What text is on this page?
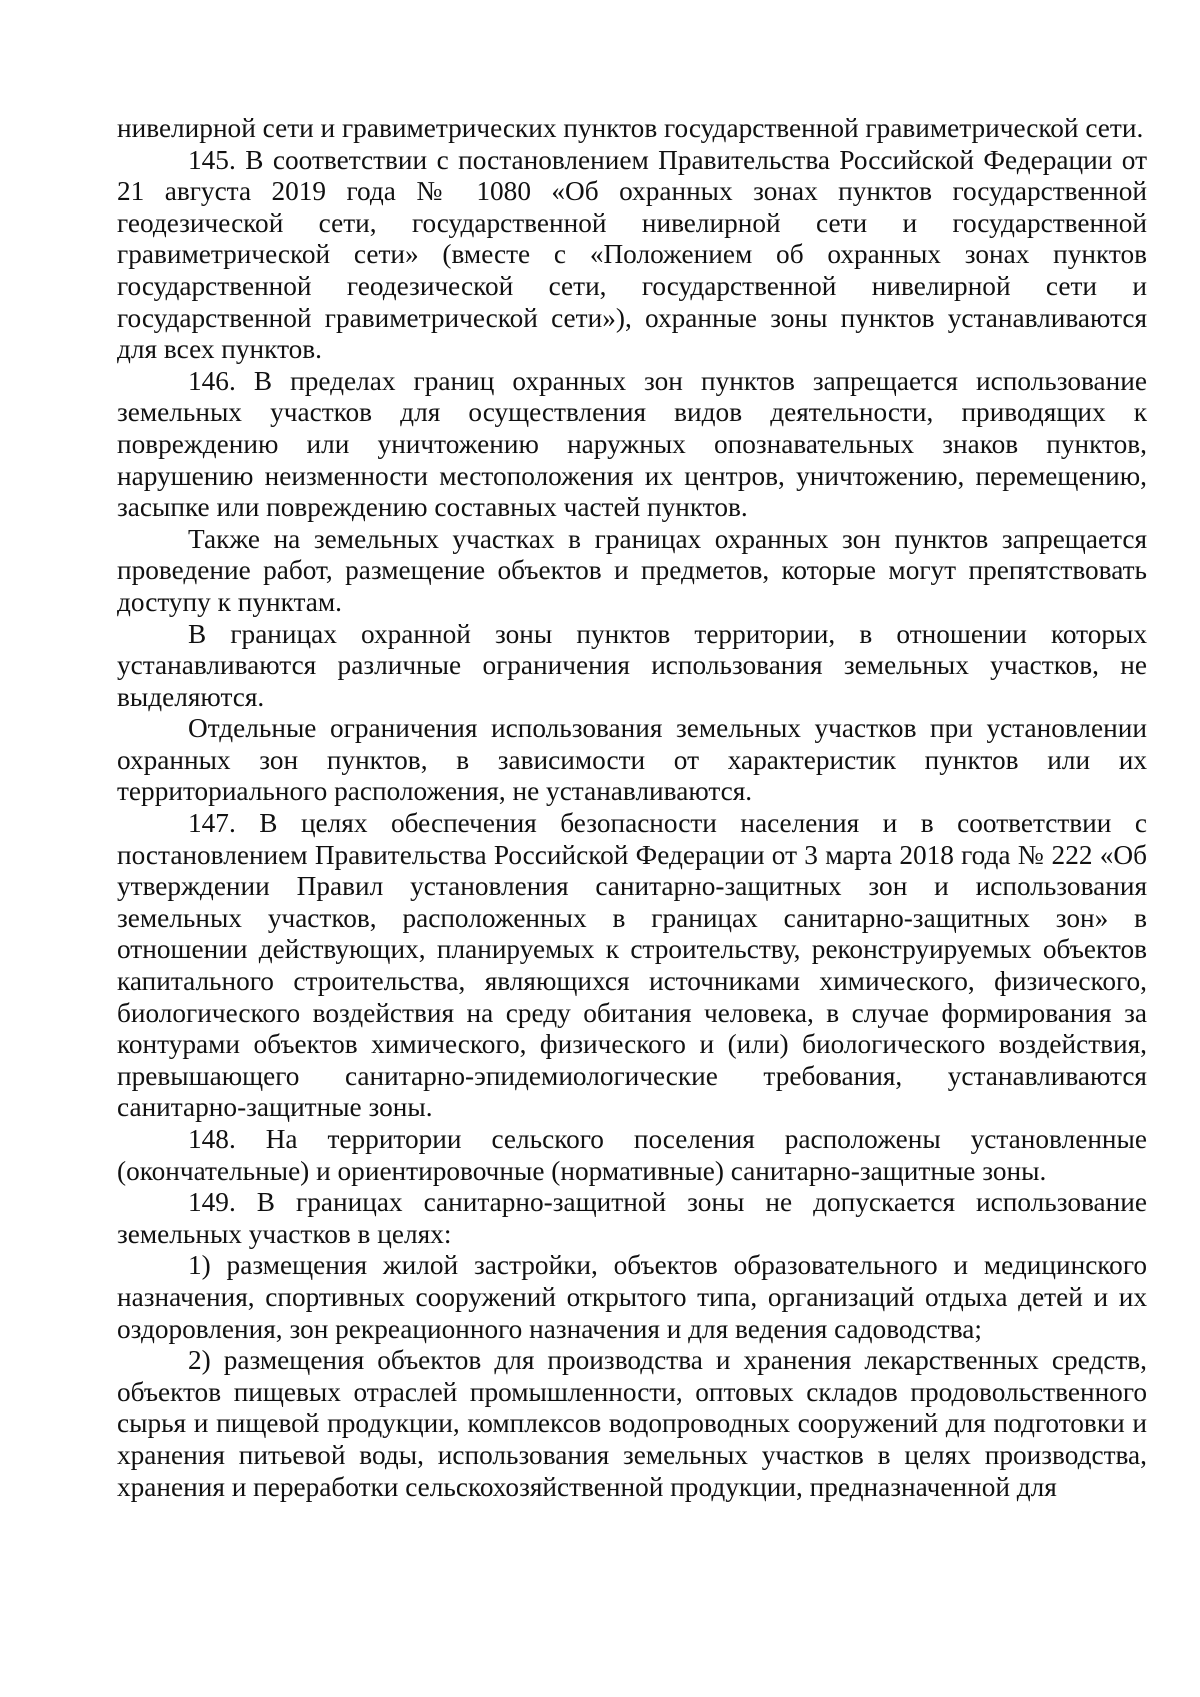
нивелирной сети и гравиметрических пунктов государственной гравиметрической сети.

145. В соответствии с постановлением Правительства Российской Федерации от 21 августа 2019 года № 1080 «Об охранных зонах пунктов государственной геодезической сети, государственной нивелирной сети и государственной гравиметрической сети» (вместе с «Положением об охранных зонах пунктов государственной геодезической сети, государственной нивелирной сети и государственной гравиметрической сети»), охранные зоны пунктов устанавливаются для всех пунктов.

146. В пределах границ охранных зон пунктов запрещается использование земельных участков для осуществления видов деятельности, приводящих к повреждению или уничтожению наружных опознавательных знаков пунктов, нарушению неизменности местоположения их центров, уничтожению, перемещению, засыпке или повреждению составных частей пунктов.

Также на земельных участках в границах охранных зон пунктов запрещается проведение работ, размещение объектов и предметов, которые могут препятствовать доступу к пунктам.

В границах охранной зоны пунктов территории, в отношении которых устанавливаются различные ограничения использования земельных участков, не выделяются.

Отдельные ограничения использования земельных участков при установлении охранных зон пунктов, в зависимости от характеристик пунктов или их территориального расположения, не устанавливаются.

147. В целях обеспечения безопасности населения и в соответствии с постановлением Правительства Российской Федерации от 3 марта 2018 года № 222 «Об утверждении Правил установления санитарно-защитных зон и использования земельных участков, расположенных в границах санитарно-защитных зон» в отношении действующих, планируемых к строительству, реконструируемых объектов капитального строительства, являющихся источниками химического, физического, биологического воздействия на среду обитания человека, в случае формирования за контурами объектов химического, физического и (или) биологического воздействия, превышающего санитарно-эпидемиологические требования, устанавливаются санитарно-защитные зоны.

148. На территории сельского поселения расположены установленные (окончательные) и ориентировочные (нормативные) санитарно-защитные зоны.

149. В границах санитарно-защитной зоны не допускается использование земельных участков в целях:

1) размещения жилой застройки, объектов образовательного и медицинского назначения, спортивных сооружений открытого типа, организаций отдыха детей и их оздоровления, зон рекреационного назначения и для ведения садоводства;

2) размещения объектов для производства и хранения лекарственных средств, объектов пищевых отраслей промышленности, оптовых складов продовольственного сырья и пищевой продукции, комплексов водопроводных сооружений для подготовки и хранения питьевой воды, использования земельных участков в целях производства, хранения и переработки сельскохозяйственной продукции, предназначенной для
